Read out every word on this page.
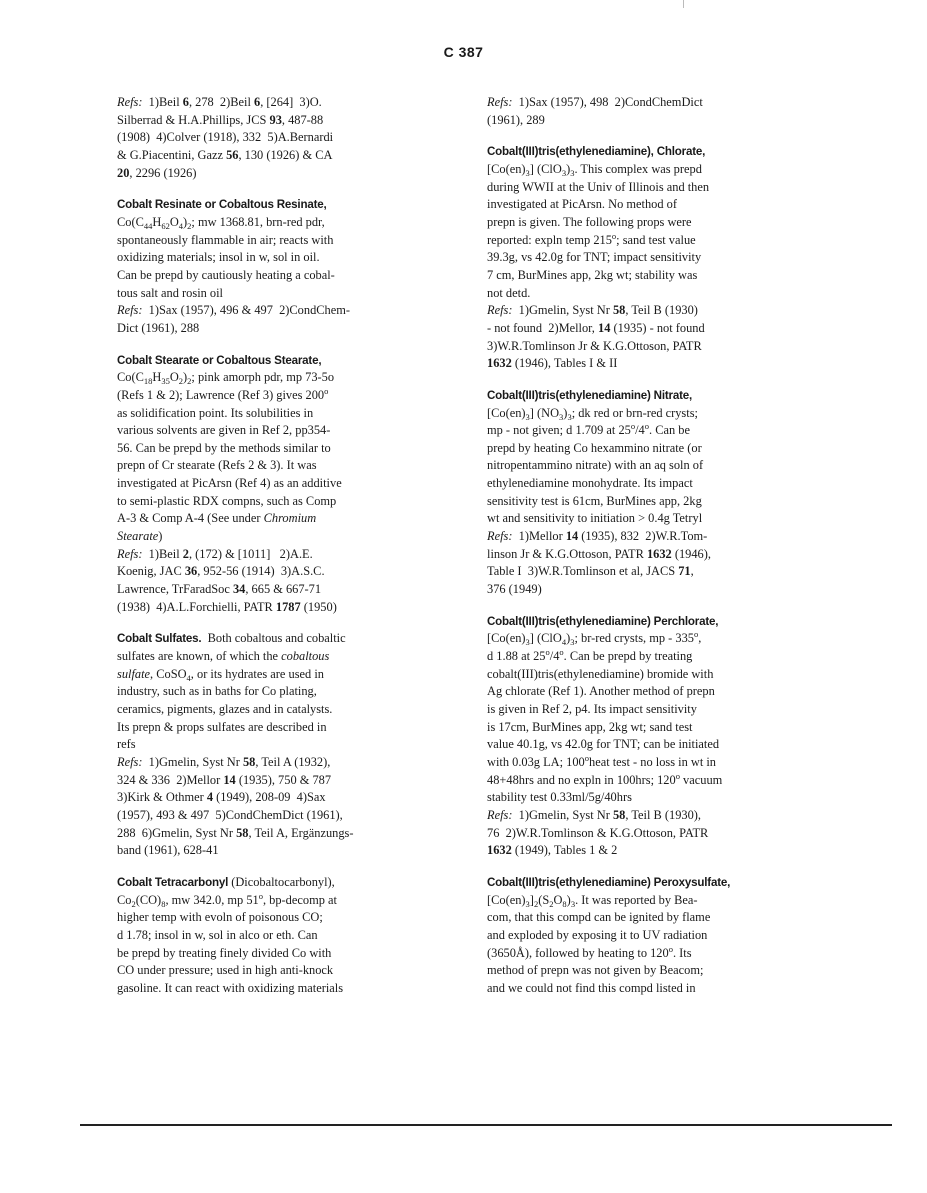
C 387
Refs:  1)Beil 6, 278  2)Beil 6, [264]  3)O.
Silberrad & H.A.Phillips, JCS 93, 487-88
(1908)  4)Colver (1918), 332  5)A.Bernardi
& G.Piacentini, Gazz 56, 130 (1926) & CA
20, 2296 (1926)
Cobalt Resinate or Cobaltous Resinate,
$Co(C_{44}H_{62}O_4)_2$; mw 1368.81, brn-red pdr,
spontaneously flammable in air; reacts with
oxidizing materials; insol in w, sol in oil.
Can be prepd by cautiously heating a cobal-
tous salt and rosin oil
Refs:  1)Sax (1957), 496 & 497  2)CondChem-
Dict (1961), 288
Cobalt Stearate or Cobaltous Stearate,
$Co(C_{18}H_{35}O_2)_2$; pink amorph pdr, mp 73-5o
(Refs 1 & 2); Lawrence (Ref 3) gives 200$^o$
as solidification point. Its solubilities in
various solvents are given in Ref 2, pp354-
56. Can be prepd by the methods similar to
prepn of Cr stearate (Refs 2 & 3). It was
investigated at PicArsn (Ref 4) as an additive
to semi-plastic RDX compns, such as Comp
A-3 & Comp A-4 (See under Chromium
Stearate)
Refs:  1)Beil 2, (172) & [1011]   2)A.E.
Koenig, JAC 36, 952-56 (1914)  3)A.S.C.
Lawrence, TrFaradSoc 34, 665 & 667-71
(1938)  4)A.L.Forchielli, PATR 1787 (1950)
Cobalt Sulfates.  Both cobaltous and cobaltic
sulfates are known, of which the cobaltous
sulfate, CoSO$_4$, or its hydrates are used in
industry, such as in baths for Co plating,
ceramics, pigments, glazes and in catalysts.
Its prepn & props sulfates are described in
refs
Refs:  1)Gmelin, Syst Nr 58, Teil A (1932),
324 & 336  2)Mellor 14 (1935), 750 & 787
3)Kirk & Othmer 4 (1949), 208-09  4)Sax
(1957), 493 & 497  5)CondChemDict (1961),
288  6)Gmelin, Syst Nr 58, Teil A, Ergänzungs-
band (1961), 628-41
Cobalt Tetracarbonyl (Dicobaltocarbonyl),
$Co_2(CO)_8$, mw 342.0, mp 51$^o$, bp-decomp at
higher temp with evoln of poisonous CO;
d 1.78; insol in w, sol in alco or eth. Can
be prepd by treating finely divided Co with
CO under pressure; used in high anti-knock
gasoline. It can react with oxidizing materials
Refs:  1)Sax (1957), 498  2)CondChemDict
(1961), 289
Cobalt(III)tris(ethylenediamine), Chlorate,
$[Co(en)_3]$ $(ClO_3)_3$. This complex was prepd
during WWII at the Univ of Illinois and then
investigated at PicArsn. No method of
prepn is given. The following props were
reported: expln temp 215$^o$; sand test value
39.3g, vs 42.0g for TNT; impact sensitivity
7 cm, BurMines app, 2kg wt; stability was
not detd.
Refs:  1)Gmelin, Syst Nr 58, Teil B (1930)
- not found  2)Mellor, 14 (1935) - not found
3)W.R.Tomlinson Jr & K.G.Ottoson, PATR
1632 (1946), Tables I & II
Cobalt(III)tris(ethylenediamine) Nitrate,
$[Co(en)_3]$ $(NO_3)_3$; dk red or brn-red crysts;
mp - not given; d 1.709 at 25$^o$/4$^o$. Can be
prepd by heating Co hexammino nitrate (or
nitropentammino nitrate) with an aq soln of
ethylenediamine monohydrate. Its impact
sensitivity test is 61cm, BurMines app, 2kg
wt and sensitivity to initiation > 0.4g Tetryl
Refs:  1)Mellor 14 (1935), 832  2)W.R.Tom-
linson Jr & K.G.Ottoson, PATR 1632 (1946),
Table I  3)W.R.Tomlinson et al, JACS 71,
376 (1949)
Cobalt(III)tris(ethylenediamine) Perchlorate,
$[Co(en)_3]$ $(ClO_4)_3$; br-red crysts, mp - 335$^o$,
d 1.88 at 25$^o$/4$^o$. Can be prepd by treating
cobalt(III)tris(ethylenediamine) bromide with
Ag chlorate (Ref 1). Another method of prepn
is given in Ref 2, p4. Its impact sensitivity
is 17cm, BurMines app, 2kg wt; sand test
value 40.1g, vs 42.0g for TNT; can be initiated
with 0.03g LA; 100$^o$heat test - no loss in wt in
48+48hrs and no expln in 100hrs; 120$^o$ vacuum
stability test 0.33ml/5g/40hrs
Refs:  1)Gmelin, Syst Nr 58, Teil B (1930),
76  2)W.R.Tomlinson & K.G.Ottoson, PATR
1632 (1949), Tables 1 & 2
Cobalt(III)tris(ethylenediamine) Peroxysulfate,
$[Co(en)_3]_2(S_2O_8)_3$. It was reported by Bea-
com, that this compd can be ignited by flame
and exploded by exposing it to UV radiation
(3650Å), followed by heating to 120$^o$. Its
method of prepn was not given by Beacom;
and we could not find this compd listed in
